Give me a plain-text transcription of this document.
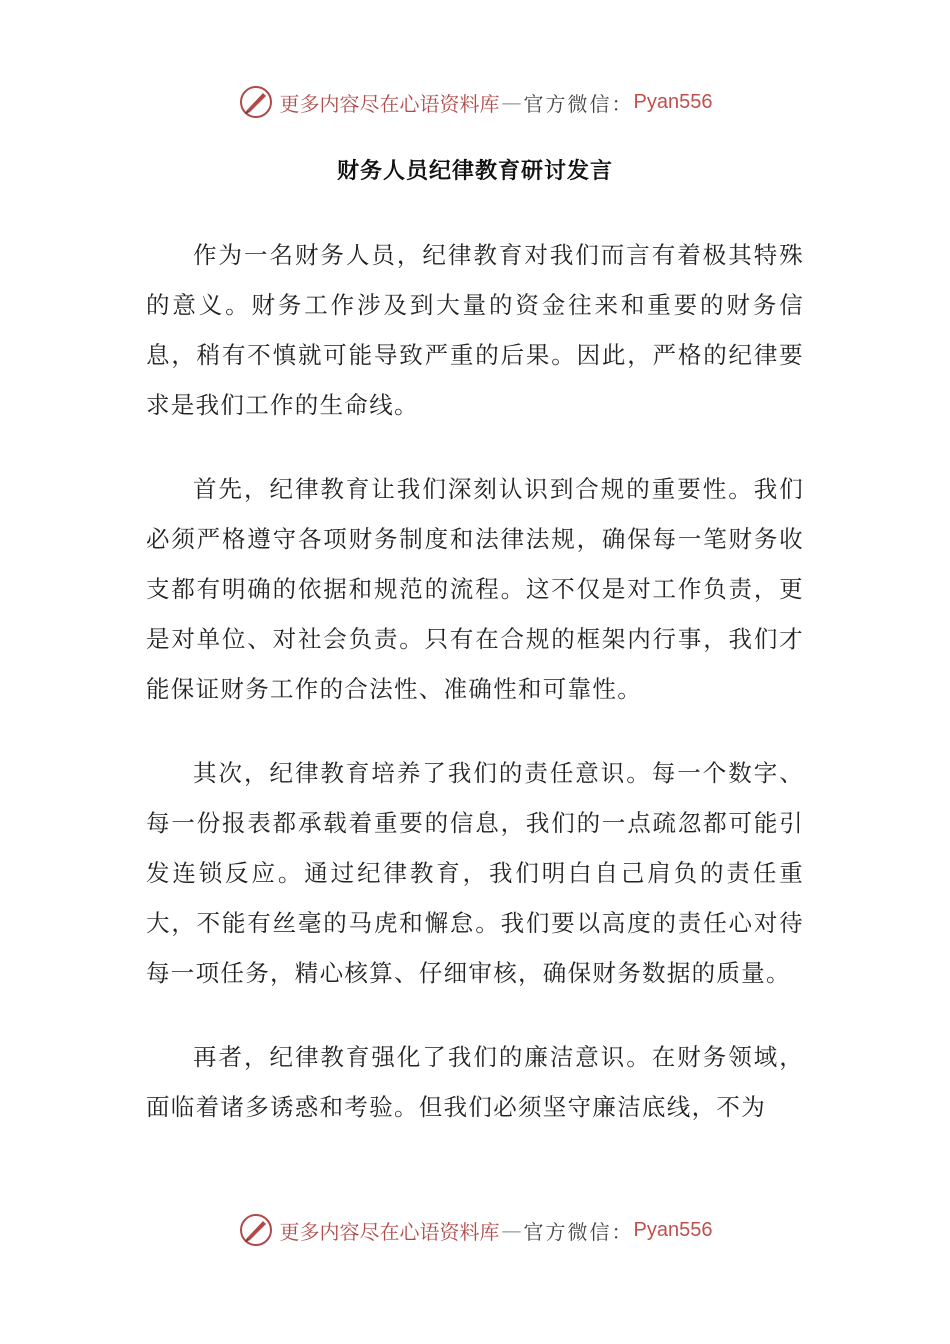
更多内容尽在心语资料库 — 官方微信： Pyan556
财务人员纪律教育研讨发言

作为一名财务人员，纪律教育对我们而言有着极其特殊的意义。财务工作涉及到大量的资金往来和重要的财务信息，稍有不慎就可能导致严重的后果。因此，严格的纪律要求是我们工作的生命线。

首先，纪律教育让我们深刻认识到合规的重要性。我们必须严格遵守各项财务制度和法律法规，确保每一笔财务收支都有明确的依据和规范的流程。这不仅是对工作负责，更是对单位、对社会负责。只有在合规的框架内行事，我们才能保证财务工作的合法性、准确性和可靠性。

其次，纪律教育培养了我们的责任意识。每一个数字、每一份报表都承载着重要的信息，我们的一点疏忽都可能引发连锁反应。通过纪律教育，我们明白自己肩负的责任重大，不能有丝毫的马虎和懈怠。我们要以高度的责任心对待每一项任务，精心核算、仔细审核，确保财务数据的质量。

再者，纪律教育强化了我们的廉洁意识。在财务领域，面临着诸多诱惑和考验。但我们必须坚守廉洁底线，不为

更多内容尽在心语资料库 — 官方微信： Pyan556
